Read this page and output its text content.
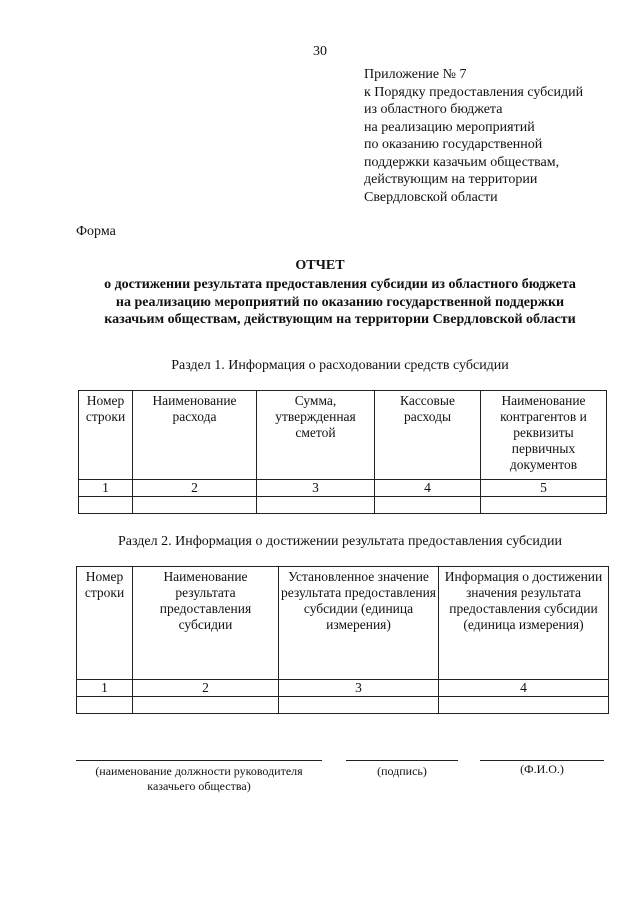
30
Приложение № 7
к Порядку предоставления субсидий
из областного бюджета
на реализацию мероприятий
по оказанию государственной
поддержки казачьим обществам,
действующим на территории
Свердловской области
Форма
ОТЧЕТ
о достижении результата предоставления субсидии из областного бюджета
на реализацию мероприятий по оказанию государственной поддержки
казачьим обществам, действующим на территории Свердловской области
Раздел 1. Информация о расходовании средств субсидии
Номер строки	Наименование расхода	Сумма, утвержденная сметой	Кассовые расходы	Наименование контрагентов и реквизиты первичных документов
1	2	3	4	5

Раздел 2. Информация о достижении результата предоставления субсидии
Номер строки	Наименование результата предоставления субсидии	Установленное значение результата предоставления субсидии (единица измерения)	Информация о достижении значения результата предоставления субсидии (единица измерения)
1	2	3	4

(наименование должности руководителя казачьего общества)
(подпись)	(Ф.И.О.)
